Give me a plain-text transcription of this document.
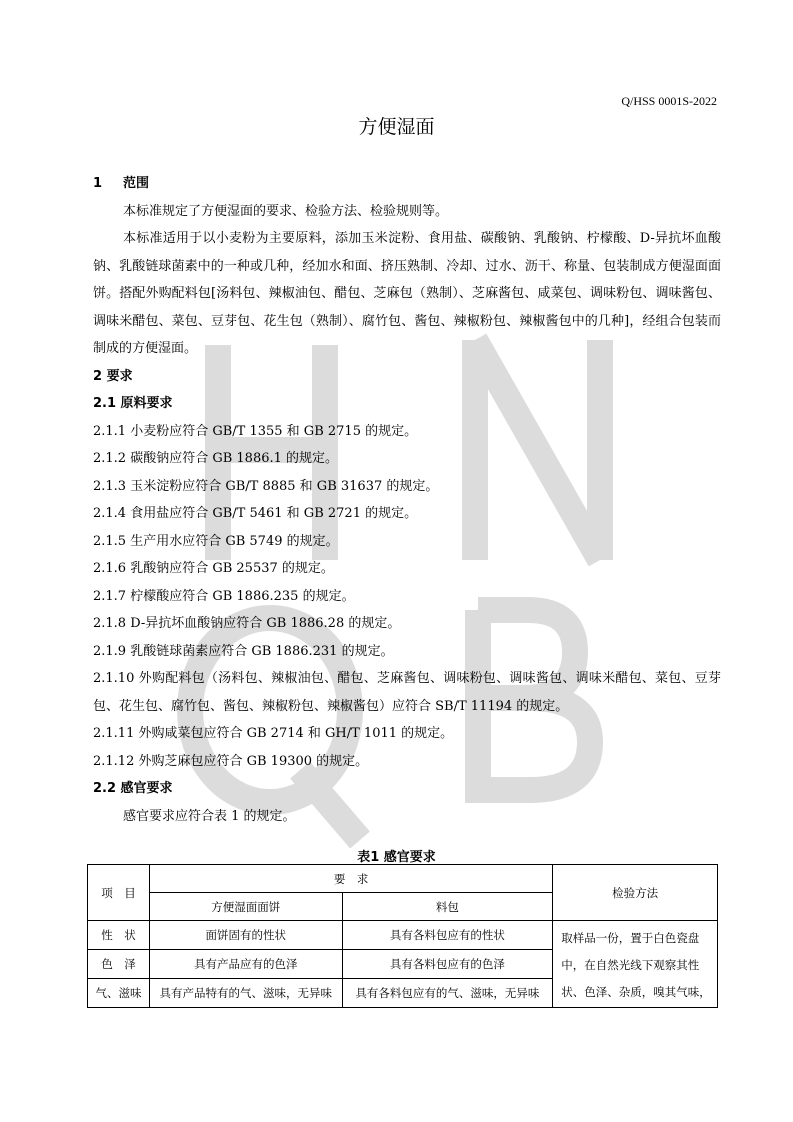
Q/HSS 0001S-2022
方便湿面

1 范围

本标准规定了方便湿面的要求、检验方法、检验规则等。

本标准适用于以小麦粉为主要原料，添加玉米淀粉、食用盐、碳酸钠、乳酸钠、柠檬酸、D-异抗坏血酸钠、乳酸链球菌素中的一种或几种，经加水和面、挤压熟制、冷却、过水、沥干、称量、包装制成方便湿面面饼。搭配外购配料包[汤料包、辣椒油包、醋包、芝麻包（熟制）、芝麻酱包、咸菜包、调味粉包、调味酱包、调味米醋包、菜包、豆芽包、花生包（熟制）、腐竹包、酱包、辣椒粉包、辣椒酱包中的几种]，经组合包装而制成的方便湿面。

2 要求

2.1 原料要求

2.1.1 小麦粉应符合 GB/T 1355 和 GB 2715 的规定。

2.1.2 碳酸钠应符合 GB 1886.1 的规定。

2.1.3 玉米淀粉应符合 GB/T 8885 和 GB 31637 的规定。

2.1.4 食用盐应符合 GB/T 5461 和 GB 2721 的规定。

2.1.5 生产用水应符合 GB 5749 的规定。

2.1.6 乳酸钠应符合 GB 25537 的规定。

2.1.7 柠檬酸应符合 GB 1886.235 的规定。

2.1.8 D-异抗坏血酸钠应符合 GB 1886.28 的规定。

2.1.9 乳酸链球菌素应符合 GB 1886.231 的规定。

2.1.10 外购配料包（汤料包、辣椒油包、醋包、芝麻酱包、调味粉包、调味酱包、调味米醋包、菜包、豆芽包、花生包、腐竹包、酱包、辣椒粉包、辣椒酱包）应符合 SB/T 11194 的规定。

2.1.11 外购咸菜包应符合 GB 2714 和 GH/T 1011 的规定。

2.1.12 外购芝麻包应符合 GB 19300 的规定。

2.2 感官要求

感官要求应符合表 1 的规定。

表1 感官要求
项　目	要　求		检验方法
	方便湿面面饼	料包	
性　状	面饼固有的性状	具有各料包应有的性状	取样品一份，置于白色瓷盘中，在自然光线下观察其性状、色泽、杂质，嗅其气味，
色　泽	具有产品应有的色泽	具有各料包应有的色泽	
气、滋味	具有产品特有的气、滋味，无异味	具有各料包应有的气、滋味，无异味	
